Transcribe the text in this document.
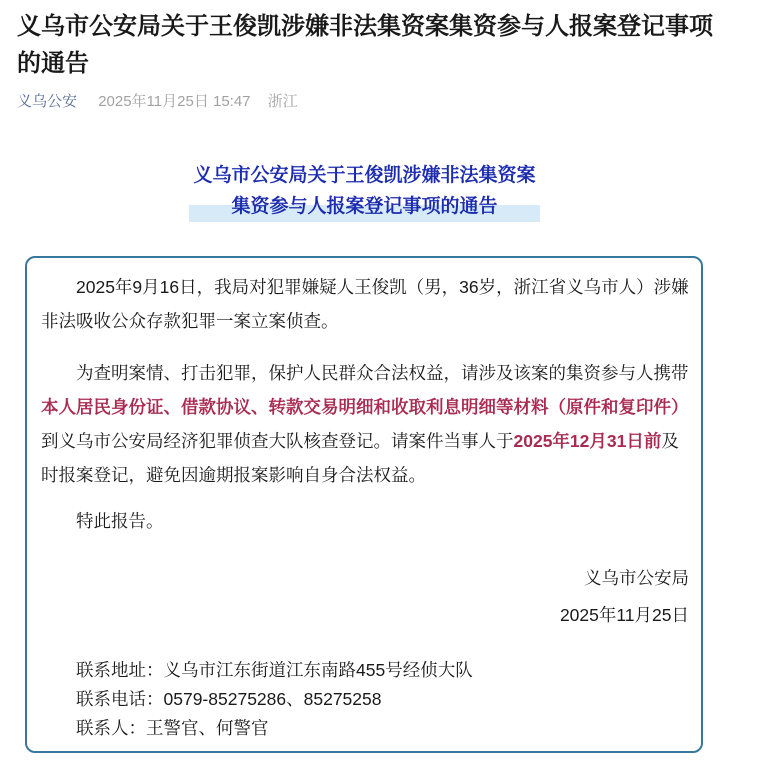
义乌市公安局关于王俊凯涉嫌非法集资案集资参与人报案登记事项的通告
义乌公安 2025年11月25日 15:47 浙江
义乌市公安局关于王俊凯涉嫌非法集资案
集资参与人报案登记事项的通告

2025年9月16日，我局对犯罪嫌疑人王俊凯（男，36岁，浙江省义乌市人）涉嫌非法吸收公众存款犯罪一案立案侦查。

为查明案情、打击犯罪，保护人民群众合法权益，请涉及该案的集资参与人携带本人居民身份证、借款协议、转款交易明细和收取利息明细等材料（原件和复印件）到义乌市公安局经济犯罪侦查大队核查登记。请案件当事人于2025年12月31日前及时报案登记，避免因逾期报案影响自身合法权益。

特此报告。

义乌市公安局
2025年11月25日
联系地址：义乌市江东街道江东南路455号经侦大队
联系电话：0579-85275286、85275258
联系人：王警官、何警官
